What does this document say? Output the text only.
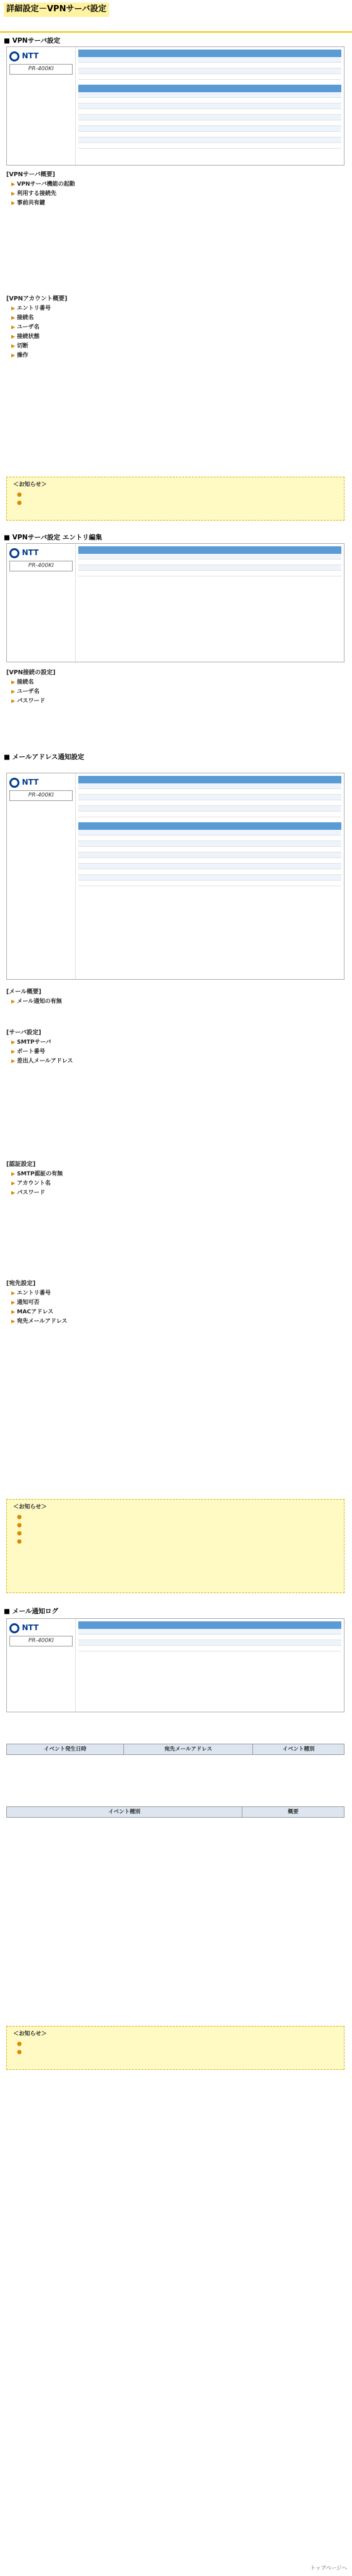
詳細設定－VPNサーバ設定
■ VPNサーバ設定
NTT
PR-400KI
[VPNサーバ概要]
▶ VPNサーバ機能の起動
▶ 利用する接続先
▶ 事前共有鍵
[VPNアカウント概要]
▶ エントリ番号
▶ 接続名
▶ ユーザ名
▶ 接続状態
▶ 切断
▶ 操作
＜お知らせ＞
●
●
■ VPNサーバ設定 エントリ編集
NTT
PR-400KI
[VPN接続の設定]
▶ 接続名
▶ ユーザ名
▶ パスワード
■ メールアドレス通知設定
NTT
PR-400KI
[メール概要]
▶ メール通知の有無
[サーバ設定]
▶ SMTPサーバ
▶ ポート番号
▶ 差出人メールアドレス
[認証設定]
▶ SMTP認証の有無
▶ アカウント名
▶ パスワード
[宛先設定]
▶ エントリ番号
▶ 通知可否
▶ MACアドレス
▶ 宛先メールアドレス
＜お知らせ＞
●
●
●
●
■ メール通知ログ
NTT
PR-400KI
イベント発生日時	宛先メールアドレス	イベント種別
イベント種別	概要
＜お知らせ＞
●
●
トップページへ
